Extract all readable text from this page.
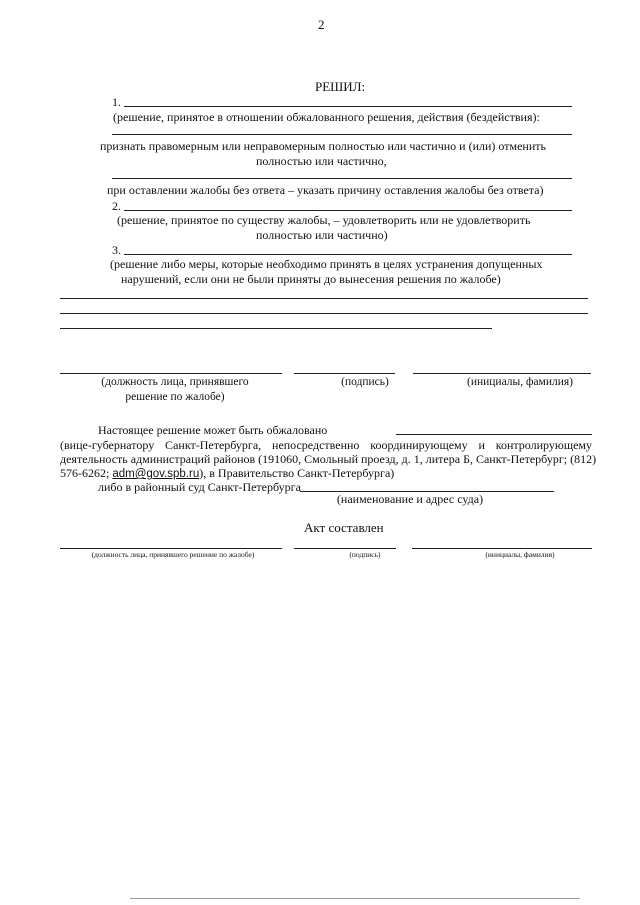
2
РЕШИЛ:
1.
(решение, принятое в отношении обжалованного решения, действия (бездействия):
признать правомерным или неправомерным полностью или частично и (или) отменить
полностью или частично,
при оставлении жалобы без ответа – указать причину оставления жалобы без ответа)
2.
(решение, принятое по существу жалобы, – удовлетворить или не удовлетворить
полностью или частично)
3.
(решение либо меры, которые необходимо принять в целях устранения допущенных
нарушений, если они не были приняты до вынесения решения по жалобе)
(должность лица, принявшего
решение по жалобе)
(подпись)	(инициалы, фамилия)
Настоящее решение может быть обжаловано
(вице-губернатору Санкт-Петербурга, непосредственно координирующему и контролирующему
деятельность администраций районов (191060, Смольный проезд, д. 1, литера Б, Санкт-Петербург; (812)
576-6262; adm@gov.spb.ru), в Правительство Санкт-Петербурга)
либо в районный суд Санкт-Петербурга
(наименование и адрес суда)
Акт составлен
(должность лица, принявшего решение по жалобе)	(подпись)	(инициалы, фамилия)
